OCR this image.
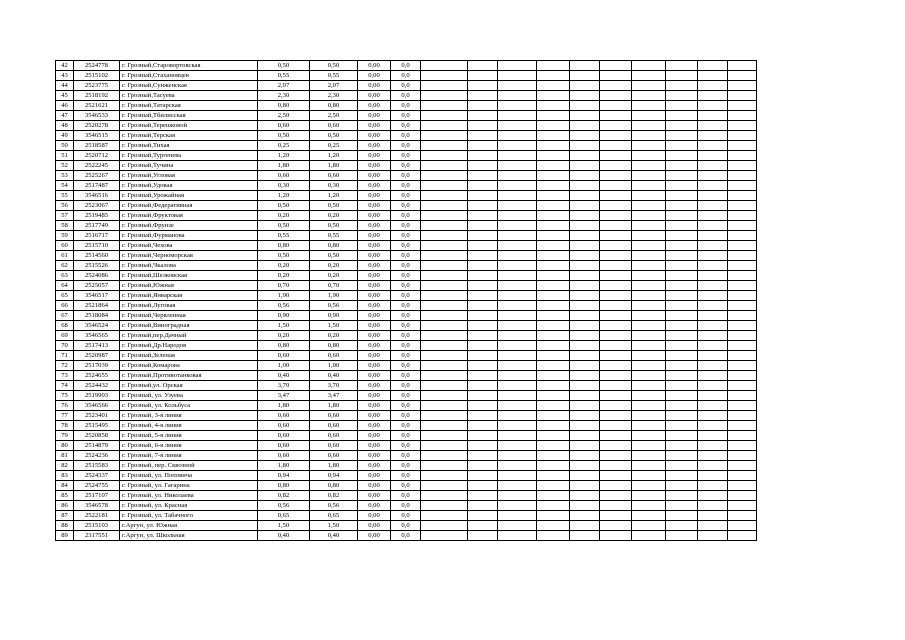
42	2524778	г. Грозный,Старовортовская	0,50	0,50	0,00	0,0										
43	2515102	г. Грозный,Стахановцев	0,55	0,55	0,00	0,0										
44	2523775	г. Грозный,Сунженская	2,07	2,07	0,00	0,0										
45	2518192	г. Грозный,Тасуева	2,30	2,30	0,00	0,0										
46	2521621	г. Грозный,Татарская	0,80	0,80	0,00	0,0										
47	3546533	г. Грозный,Тбилисская	2,50	2,50	0,00	0,0										
48	2520278	г. Грозный,Терешковой	0,60	0,60	0,00	0,0										
49	3546515	г. Грозный,Терская	0,50	0,50	0,00	0,0										
50	2518587	г. Грозный,Тихая	0,25	0,25	0,00	0,0										
51	2520712	г. Грозный,Тургенева	1,20	1,20	0,00	0,0										
52	2522245	г. Грозный,Тучина	1,80	1,80	0,00	0,0										
53	2525267	г. Грозный,Угловая	0,60	0,60	0,00	0,0										
54	2517487	г. Грозный,Удовая	0,30	0,30	0,00	0,0										
55	3546516	г. Грозный,Урожайная	1,20	1,20	0,00	0,0										
56	2523067	г. Грозный,Федеративная	0,50	0,50	0,00	0,0										
57	2519485	г. Грозный,Фруктовая	0,20	0,20	0,00	0,0										
58	2517749	г. Грозный,Фрунзе	0,50	0,50	0,00	0,0										
59	2516717	г. Грозный,Фурманова	0,55	0,55	0,00	0,0										
60	2515710	г. Грозный,Чехова	0,80	0,80	0,00	0,0										
61	2514560	г. Грозный,Черноморская	0,50	0,50	0,00	0,0										
62	2515526	г. Грозный,Чкалова	0,20	0,20	0,00	0,0										
63	2524086	г. Грозный,Шелковская	0,20	0,20	0,00	0,0										
64	2525057	г. Грозный,Южная	0,70	0,70	0,00	0,0										
65	3546517	г. Грозный,Январская	1,90	1,90	0,00	0,0										
66	2521864	г. Грозный,Луговая	0,56	0,56	0,00	0,0										
67	2518084	г. Грозный,Червленная	0,90	0,90	0,00	0,0										
68	3546524	г. Грозный,Виноградная	1,50	1,50	0,00	0,0										
69	3546565	г. Грозный,пер.Дачный	0,20	0,20	0,00	0,0										
70	2517413	г. Грозный,Др.Народов	0,80	0,80	0,00	0,0										
71	2520987	г. Грозный,Зеленая	0,60	0,60	0,00	0,0										
72	2517039	г. Грозный,Комарова	1,00	1,00	0,00	0,0										
73	2524655	г. Грозный,Противотанковая	0,40	0,40	0,00	0,0										
74	2524432	г. Грозный,ул. Орская	3,70	3,70	0,00	0,0										
75	2519903	г. Грозный, ул. Узуева	3,47	3,47	0,00	0,0										
76	3546566	г. Грозный, ул. Кольбуса	1,80	1,80	0,00	0,0										
77	2523401	г. Грозный, 3-я линия	0,60	0,60	0,00	0,0										
78	2515495	г. Грозный, 4-я линия	0,60	0,60	0,00	0,0										
79	2520858	г. Грозный, 5-я линия	0,60	0,60	0,00	0,0										
80	2514879	г. Грозный, 6-я линия	0,60	0,60	0,00	0,0										
81	2524236	г. Грозный, 7-я линия	0,60	0,60	0,00	0,0										
82	2515583	г. Грозный, пер. Сквозной	1,80	1,80	0,00	0,0										
83	2524337	г. Грозный, ул. Поповича	0,94	0,94	0,00	0,0										
84	2524755	г. Грозный, ул. Гагарина	0,80	0,80	0,00	0,0										
85	2517107	г. Грозный, ул. Николаева	0,82	0,82	0,00	0,0										
86	3546578	г. Грозный, ул. Красная	0,56	0,56	0,00	0,0										
87	2522181	г. Грозный, ул. Табачного	0,65	0,65	0,00	0,0										
88	2515103	г.Аргун, ул. Южная	1,50	1,50	0,00	0,0										
89	2317551	г.Аргун, ул. Школьная	0,40	0,40	0,00	0,0										
